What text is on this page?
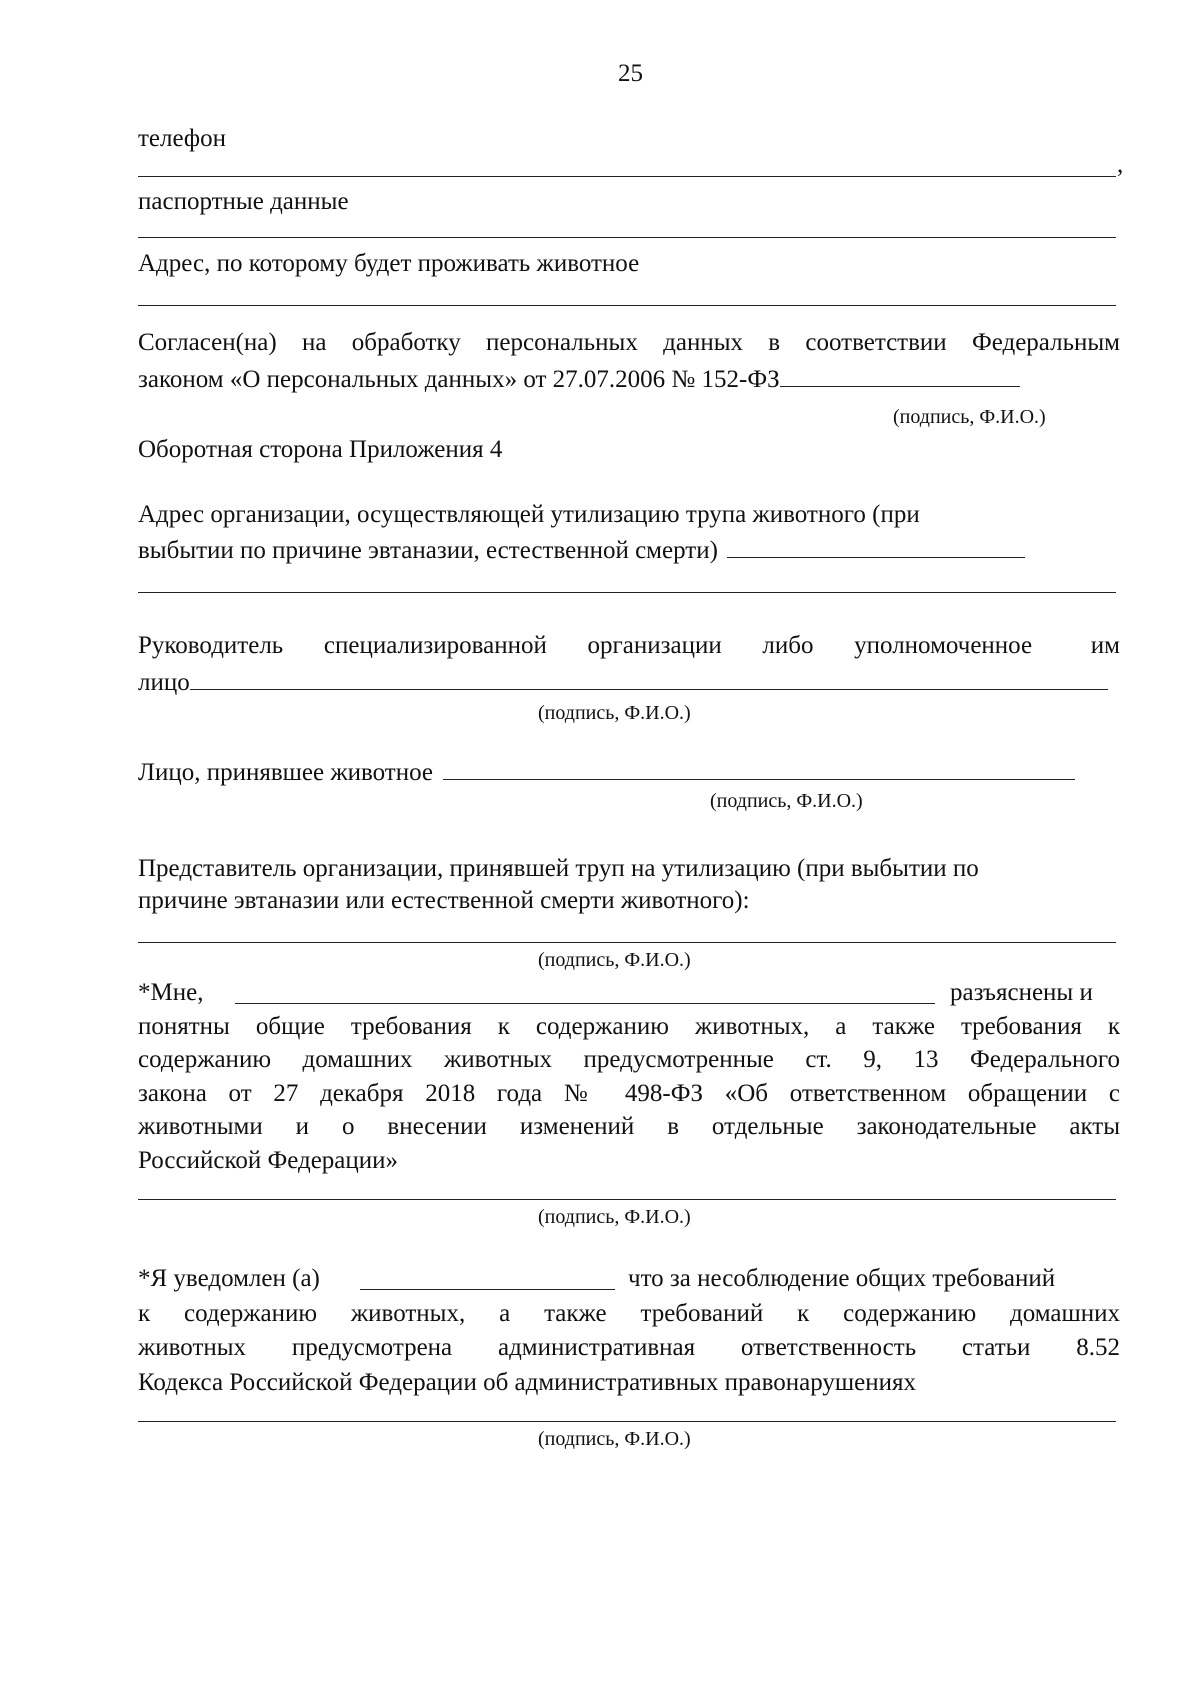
25
телефон
,
паспортные данные
Адрес, по которому будет проживать животное
Согласен(на) на обработку персональных данных в соответствии Федеральным
законом «О персональных данных» от 27.07.2006 № 152-ФЗ
(подпись, Ф.И.О.)
Оборотная сторона Приложения 4
Адрес организации, осуществляющей утилизацию трупа животного (при
выбытии по причине эвтаназии, естественной смерти)
Руководитель специализированной организации либо уполномоченное им
лицо
(подпись, Ф.И.О.)
Лицо, принявшее животное
(подпись, Ф.И.О.)
Представитель организации, принявшей труп на утилизацию (при выбытии по
причине эвтаназии или естественной смерти животного):
(подпись, Ф.И.О.)
*Мне,	разъяснены и
понятны общие требования к содержанию животных, а также требования к
содержанию домашних животных предусмотренные ст. 9, 13 Федерального
закона от 27 декабря 2018 года № 498-ФЗ «Об ответственном обращении с
животными и о внесении изменений в отдельные законодательные акты
Российской Федерации»
(подпись, Ф.И.О.)
*Я уведомлен (а)	что за несоблюдение общих требований
к содержанию животных, а также требований к содержанию домашних
животных предусмотрена административная ответственность статьи 8.52
Кодекса Российской Федерации об административных правонарушениях
(подпись, Ф.И.О.)
